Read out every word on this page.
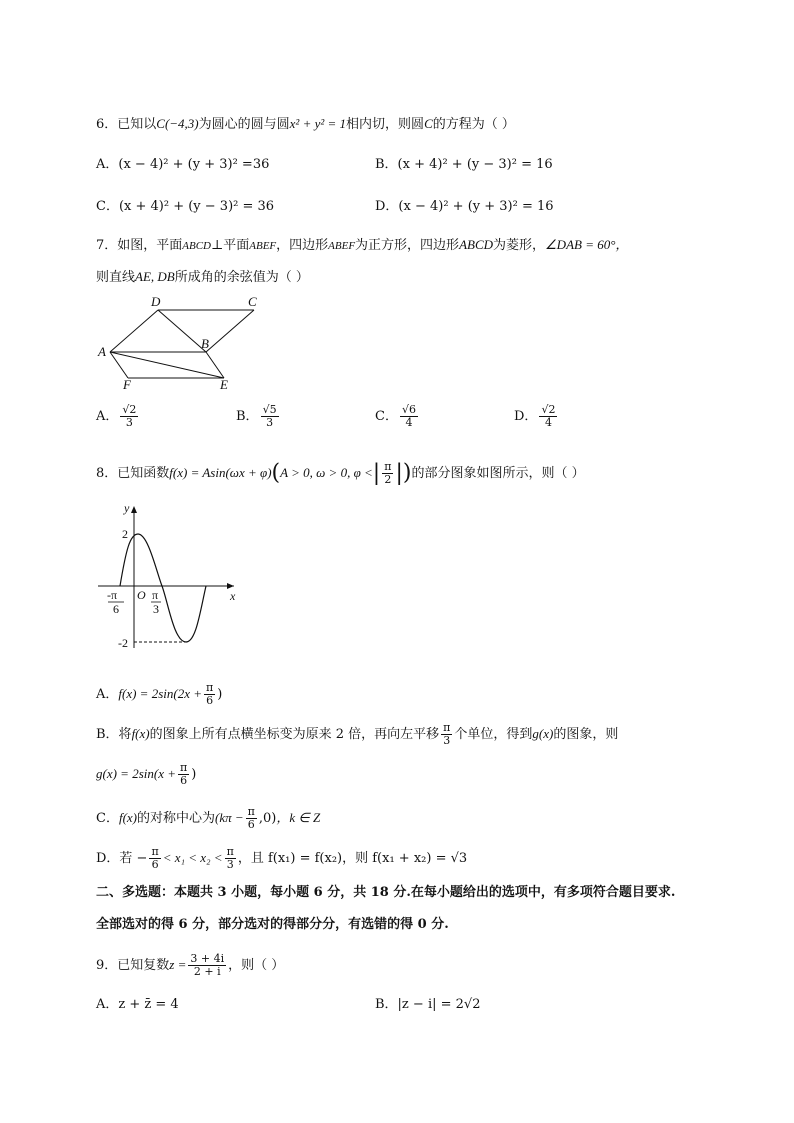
6．已知以C(−4,3)为圆心的圆与圆x² + y² = 1相内切，则圆C的方程为（ ）
A．(x − 4)² + (y + 3)² =36	B．(x + 4)² + (y − 3)² = 16
C．(x + 4)² + (y − 3)² = 36	D．(x − 4)² + (y + 3)² = 16
7．如图，平面ABCD⊥平面ABEF，四边形ABEF为正方形，四边形ABCD为菱形，∠DAB = 60°，
则直线AE, DB所成角的余弦值为（ ）
D	C
A
B
F	E
A． $\frac{√2}{3}$	B． $\frac{√5}{3}$	C． $\frac{√6}{4}$	D． $\frac{√2}{4}$
8．已知函数f(x) = Asin(ωx + φ)(A > 0, ω > 0, φ <| $\frac{\pi}{2}$ |)的部分图象如图所示，则（ ）
y
x
O
2
-2
-π
6
π
3
A．$f(x) = 2\sin(2x + \frac{\pi}{6}$ )
B．将f(x)的图象上所有点横坐标变为原来 2 倍，再向左平移 $\frac{\pi}{3}$ 个单位，得到g(x)的图象，则
$g(x) = 2\sin(x + \frac{\pi}{6}$ )
C．f(x)的对称中心为$(k\pi - \frac{\pi}{6} ,0)$，k ∈ Z
D．若 − $\frac{\pi}{6} < x_1 < x_2 < \frac{\pi}{3}$ ，且 f(x₁) = f(x₂)，则 f(x₁ + x₂) = √3
二、多选题：本题共 3 小题，每小题 6 分，共 18 分.在每小题给出的选项中，有多项符合题目要求.
全部选对的得 6 分，部分选对的得部分分，有选错的得 0 分.
9．已知复数$z = \frac{3 + 4i}{2 + i}$ ，则（ ）
A．z + z̄ = 4	B．|z − i| = 2√2
